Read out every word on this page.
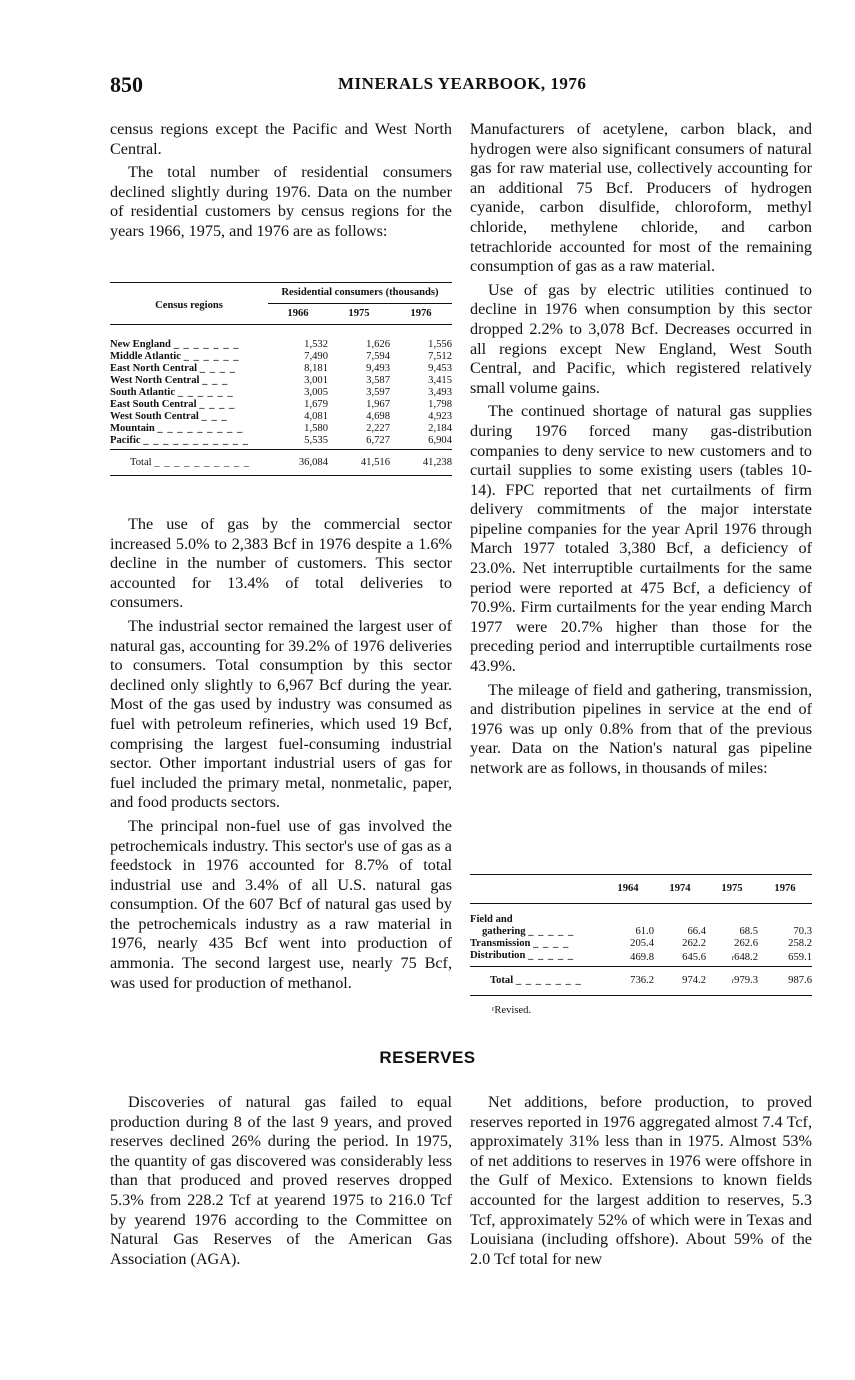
850	MINERALS YEARBOOK, 1976

census regions except the Pacific and West North Central.

The total number of residential consumers declined slightly during 1976. Data on the number of residential customers by census regions for the years 1966, 1975, and 1976 are as follows:

Census regions	Residential consumers (thousands)		
	1966	1975	1976

New England _ _ _ _ _ _ _	1,532	1,626	1,556
Middle Atlantic _ _ _ _ _ _	7,490	7,594	7,512
East North Central _ _ _ _	8,181	9,493	9,453
West North Central _ _ _	3,001	3,587	3,415
South Atlantic _ _ _ _ _ _	3,005	3,597	3,493
East South Central _ _ _ _	1,679	1,967	1,798
West South Central _ _ _	4,081	4,698	4,923
Mountain _ _ _ _ _ _ _ _ _	1,580	2,227	2,184
Pacific _ _ _ _ _ _ _ _ _ _ _	5,535	6,727	6,904

Total _ _ _ _ _ _ _ _ _ _	36,084	41,516	41,238

The use of gas by the commercial sector increased 5.0% to 2,383 Bcf in 1976 despite a 1.6% decline in the number of customers. This sector accounted for 13.4% of total deliveries to consumers.

The industrial sector remained the largest user of natural gas, accounting for 39.2% of 1976 deliveries to consumers. Total consumption by this sector declined only slightly to 6,967 Bcf during the year. Most of the gas used by industry was consumed as fuel with petroleum refineries, which used 19 Bcf, comprising the largest fuel-consuming industrial sector. Other important industrial users of gas for fuel included the primary metal, nonmetalic, paper, and food products sectors.

The principal non-fuel use of gas involved the petrochemicals industry. This sector's use of gas as a feedstock in 1976 accounted for 8.7% of total industrial use and 3.4% of all U.S. natural gas consumption. Of the 607 Bcf of natural gas used by the petrochemicals industry as a raw material in 1976, nearly 435 Bcf went into production of ammonia. The second largest use, nearly 75 Bcf, was used for production of methanol.

Manufacturers of acetylene, carbon black, and hydrogen were also significant consumers of natural gas for raw material use, collectively accounting for an additional 75 Bcf. Producers of hydrogen cyanide, carbon disulfide, chloroform, methyl chloride, methylene chloride, and carbon tetrachloride accounted for most of the remaining consumption of gas as a raw material.

Use of gas by electric utilities continued to decline in 1976 when consumption by this sector dropped 2.2% to 3,078 Bcf. Decreases occurred in all regions except New England, West South Central, and Pacific, which registered relatively small volume gains.

The continued shortage of natural gas supplies during 1976 forced many gas-distribution companies to deny service to new customers and to curtail supplies to some existing users (tables 10-14). FPC reported that net curtailments of firm delivery commitments of the major interstate pipeline companies for the year April 1976 through March 1977 totaled 3,380 Bcf, a deficiency of 23.0%. Net interruptible curtailments for the same period were reported at 475 Bcf, a deficiency of 70.9%. Firm curtailments for the year ending March 1977 were 20.7% higher than those for the preceding period and interruptible curtailments rose 43.9%.

The mileage of field and gathering, transmission, and distribution pipelines in service at the end of 1976 was up only 0.8% from that of the previous year. Data on the Nation's natural gas pipeline network are as follows, in thousands of miles:

	1964	1974	1975	1976

Field and				
gathering _ _ _ _ _	61.0	66.4	68.5	70.3
Transmission _ _ _ _	205.4	262.2	262.6	258.2
Distribution _ _ _ _ _	469.8	645.6	$^r$648.2	659.1
Total _ _ _ _ _ _ _	736.2	974.2	$^r$979.3	987.6

$^r$Revised.
RESERVES

Discoveries of natural gas failed to equal production during 8 of the last 9 years, and proved reserves declined 26% during the period. In 1975, the quantity of gas discovered was considerably less than that produced and proved reserves dropped 5.3% from 228.2 Tcf at yearend 1975 to 216.0 Tcf by yearend 1976 according to the Committee on Natural Gas Reserves of the American Gas Association (AGA).

Net additions, before production, to proved reserves reported in 1976 aggregated almost 7.4 Tcf, approximately 31% less than in 1975. Almost 53% of net additions to reserves in 1976 were offshore in the Gulf of Mexico. Extensions to known fields accounted for the largest addition to reserves, 5.3 Tcf, approximately 52% of which were in Texas and Louisiana (including offshore). About 59% of the 2.0 Tcf total for new
